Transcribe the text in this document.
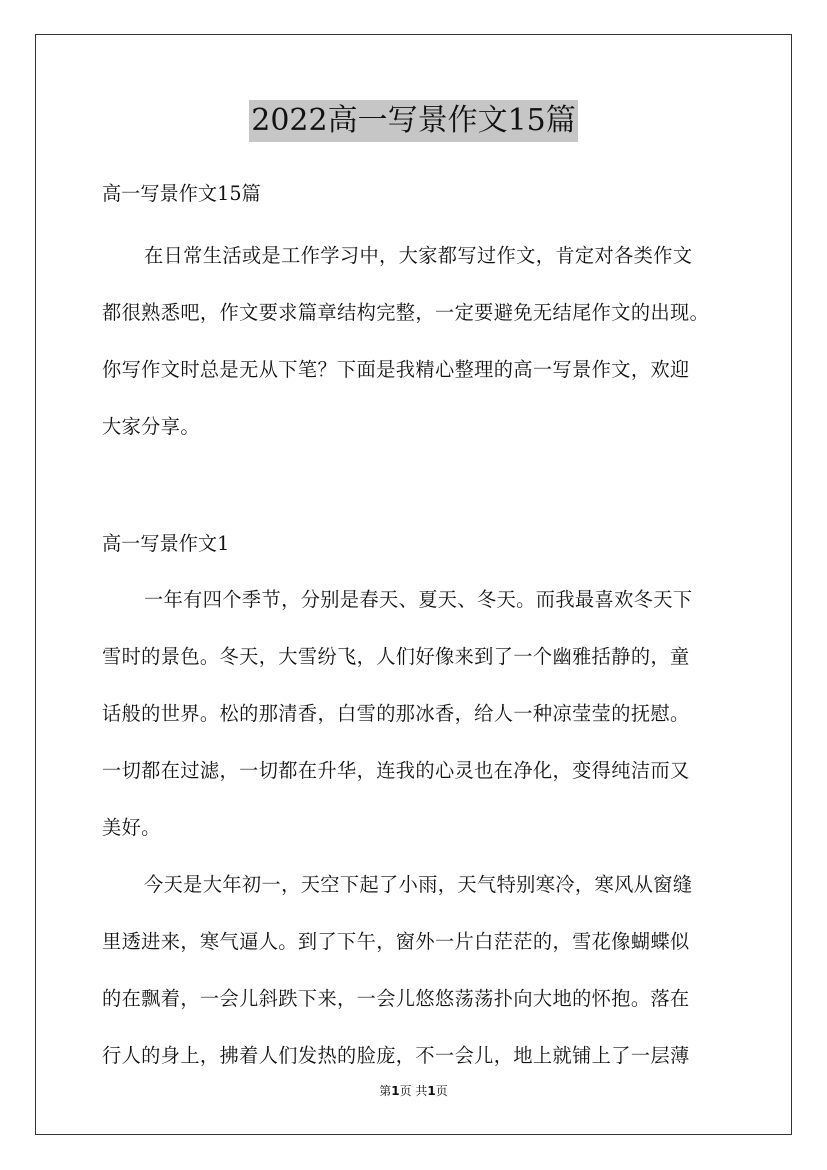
2022高一写景作文15篇
高一写景作文15篇
在日常生活或是工作学习中，大家都写过作文，肯定对各类作文
都很熟悉吧，作文要求篇章结构完整，一定要避免无结尾作文的出现。
你写作文时总是无从下笔？下面是我精心整理的高一写景作文，欢迎
大家分享。
高一写景作文1
一年有四个季节，分别是春天、夏天、冬天。而我最喜欢冬天下
雪时的景色。冬天，大雪纷飞，人们好像来到了一个幽雅括静的，童
话般的世界。松的那清香，白雪的那冰香，给人一种凉莹莹的抚慰。
一切都在过滤，一切都在升华，连我的心灵也在净化，变得纯洁而又
美好。
今天是大年初一，天空下起了小雨，天气特别寒冷，寒风从窗缝
里透进来，寒气逼人。到了下午，窗外一片白茫茫的，雪花像蝴蝶似
的在飘着，一会儿斜跌下来，一会儿悠悠荡荡扑向大地的怀抱。落在
行人的身上，拂着人们发热的脸庞，不一会儿，地上就铺上了一层薄
第1页 共1页
